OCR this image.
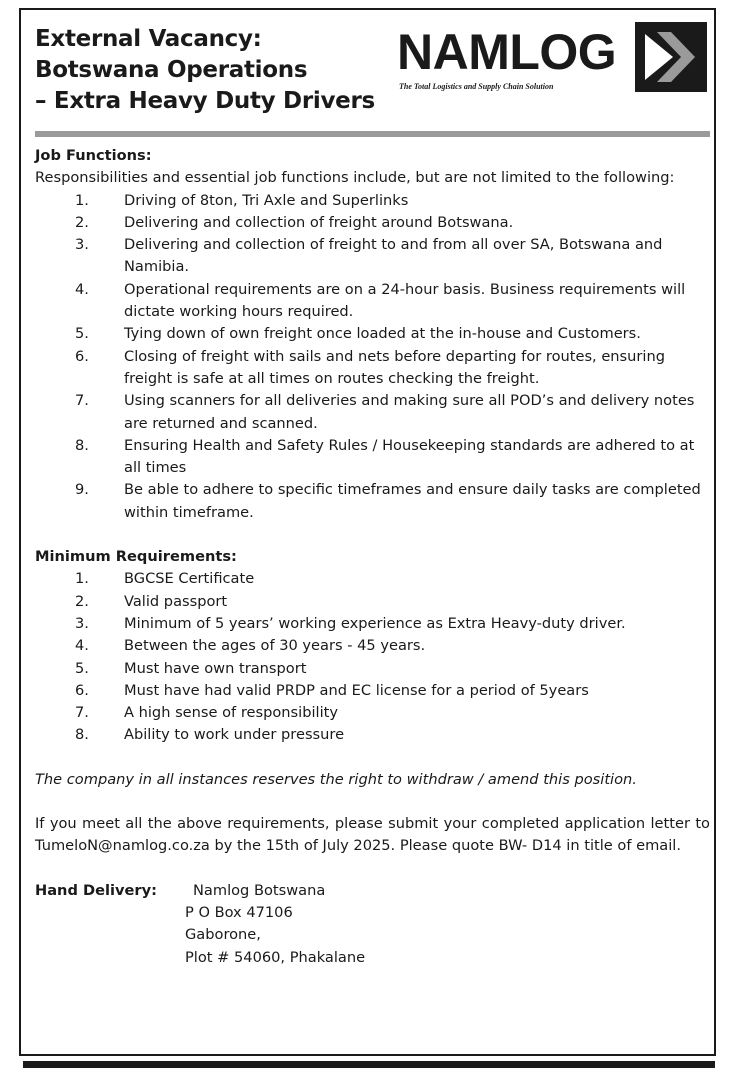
External Vacancy:
Botswana Operations
– Extra Heavy Duty Drivers
NAMLOG
The Total Logistics and Supply Chain Solution

Job Functions:

Responsibilities and essential job functions include, but are not limited to the following:

1.	Driving of 8ton, Tri Axle and Superlinks
2.	Delivering and collection of freight around Botswana.
3.	Delivering and collection of freight to and from all over SA, Botswana and Namibia.
4.	Operational requirements are on a 24-hour basis. Business requirements will dictate working hours required.
5.	Tying down of own freight once loaded at the in-house and Customers.
6.	Closing of freight with sails and nets before departing for routes, ensuring freight is safe at all times on routes checking the freight.
7.	Using scanners for all deliveries and making sure all POD’s and delivery notes are returned and scanned.
8.	Ensuring Health and Safety Rules / Housekeeping standards are adhered to at all times
9.	Be able to adhere to specific timeframes and ensure daily tasks are completed within timeframe.

Minimum Requirements:

1.	BGCSE Certificate
2.	Valid passport
3.	Minimum of 5 years’ working experience as Extra Heavy-duty driver.
4.	Between the ages of 30 years - 45 years.
5.	Must have own transport
6.	Must have had valid PRDP and EC license for a period of 5years
7.	A high sense of responsibility
8.	Ability to work under pressure

The company in all instances reserves the right to withdraw / amend this position.

If you meet all the above requirements, please submit your completed application letter to TumeloN@namlog.co.za by the 15th of July 2025. Please quote BW- D14 in title of email.

Hand Delivery:	Namlog Botswana
P O Box 47106
Gaborone,
Plot # 54060, Phakalane
